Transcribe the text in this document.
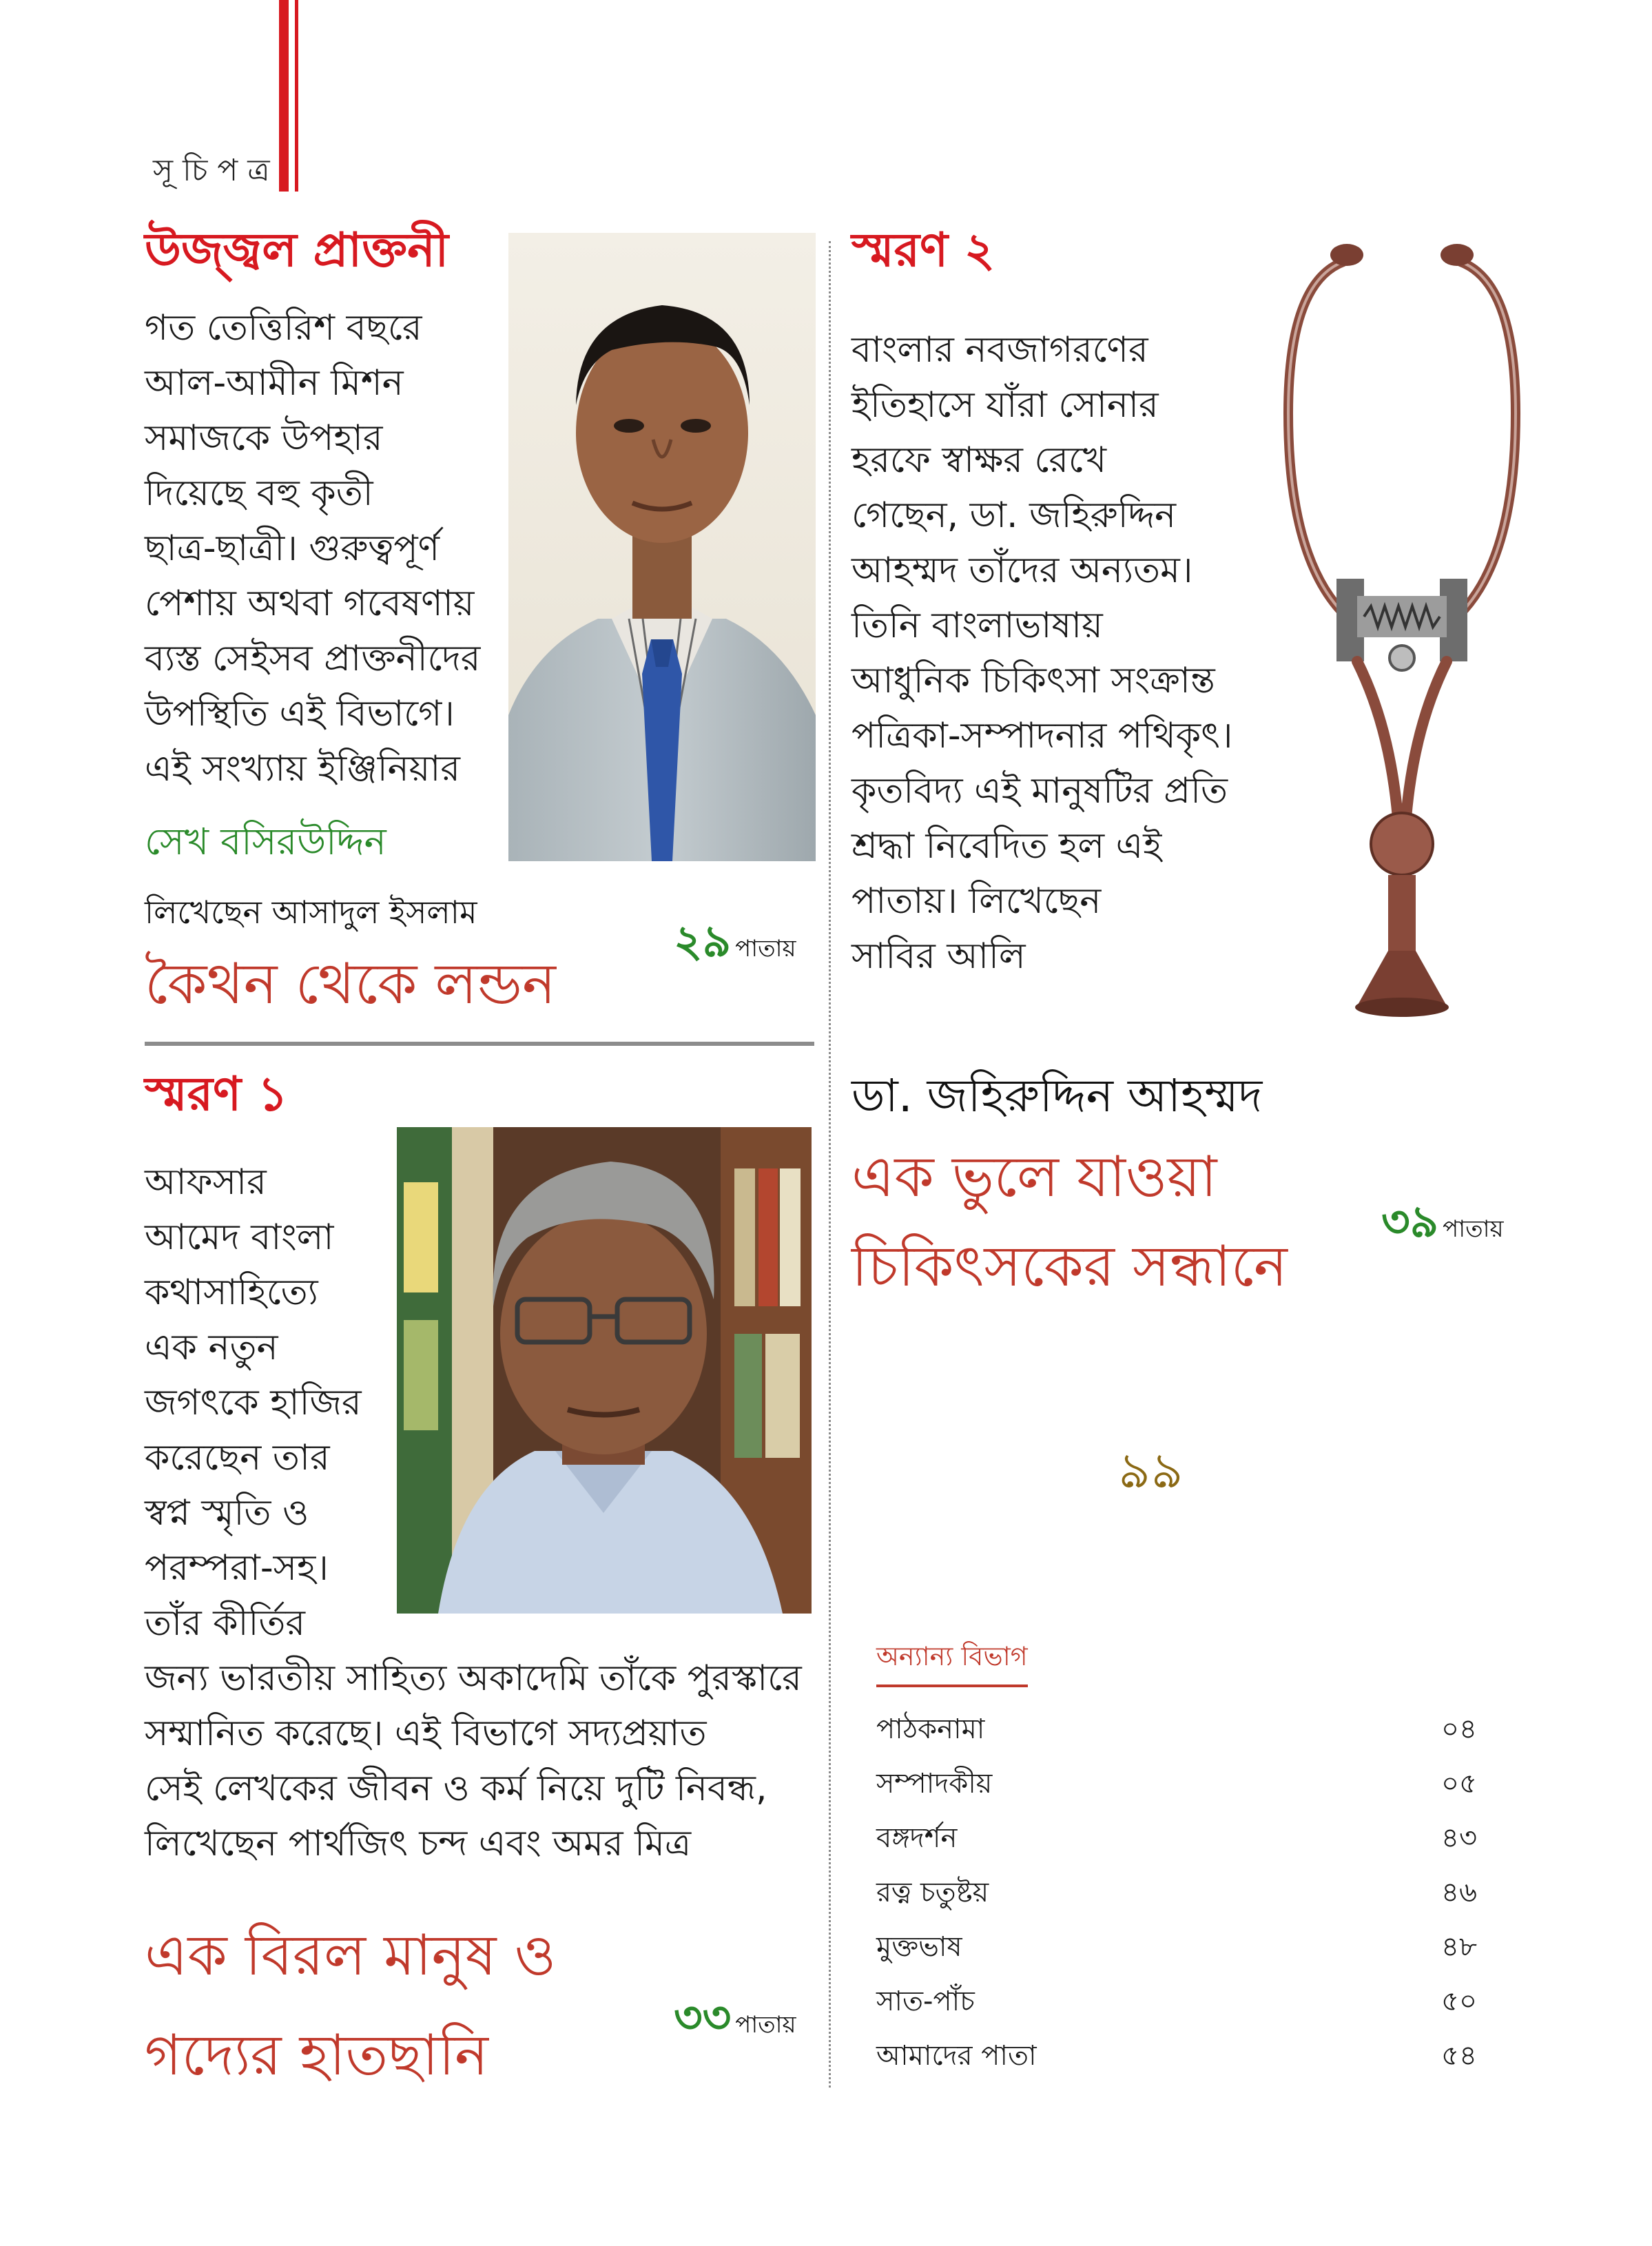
সূচিপত্র
উজ্জ্বল প্রাক্তনী
গত তেত্তিরিশ বছরে
আল-আমীন মিশন
সমাজকে উপহার
দিয়েছে বহু কৃতী
ছাত্র-ছাত্রী। গুরুত্বপূর্ণ
পেশায় অথবা গবেষণায়
ব্যস্ত সেইসব প্রাক্তনীদের
উপস্থিতি এই বিভাগে।
এই সংখ্যায় ইঞ্জিনিয়ার
সেখ বসিরউদ্দিন
লিখেছেন আসাদুল ইসলাম
২৯ পাতায়
কৈথন থেকে লন্ডন
স্মরণ ১
আফসার
আমেদ বাংলা
কথাসাহিত্যে
এক নতুন
জগৎকে হাজির
করেছেন তার
স্বপ্ন স্মৃতি ও
পরম্পরা-সহ।
তাঁর কীর্তির
জন্য ভারতীয় সাহিত্য অকাদেমি তাঁকে পুরস্কারে
সম্মানিত করেছে। এই বিভাগে সদ্যপ্রয়াত
সেই লেখকের জীবন ও কর্ম নিয়ে দুটি নিবন্ধ,
লিখেছেন পার্থজিৎ চন্দ এবং অমর মিত্র
এক বিরল মানুষ ও
গদ্যের হাতছানি
৩৩ পাতায়
স্মরণ ২
বাংলার নবজাগরণের
ইতিহাসে যাঁরা সোনার
হরফে স্বাক্ষর রেখে
গেছেন, ডা. জহিরুদ্দিন
আহম্মদ তাঁদের অন্যতম।
তিনি বাংলাভাষায়
আধুনিক চিকিৎসা সংক্রান্ত
পত্রিকা-সম্পাদনার পথিকৃৎ।
কৃতবিদ্য এই মানুষটির প্রতি
শ্রদ্ধা নিবেদিত হল এই
পাতায়। লিখেছেন
সাবির আলি
ডা. জহিরুদ্দিন আহম্মদ
এক ভুলে যাওয়া
চিকিৎসকের সন্ধানে
৩৯ পাতায়
ঌঌ
অন্যান্য বিভাগ
পাঠকনামা	০৪
সম্পাদকীয়	০৫
বঙ্গদর্শন	৪৩
রত্ন চতুষ্টয়	৪৬
মুক্তভাষ	৪৮
সাত-পাঁচ	৫০
আমাদের পাতা	৫৪
